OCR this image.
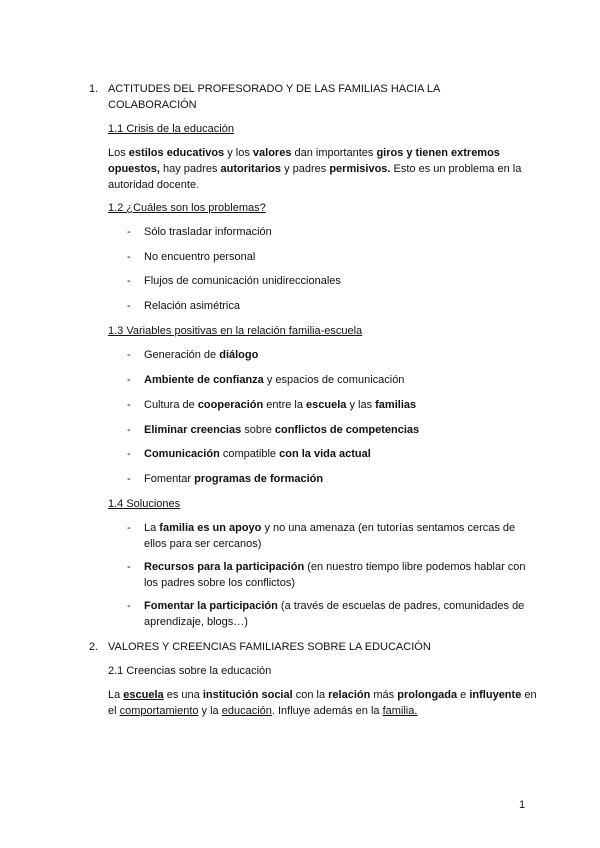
1. ACTITUDES DEL PROFESORADO Y DE LAS FAMILIAS HACIA LA COLABORACIÓN
1.1 Crisis de la educación
Los estilos educativos y los valores dan importantes giros y tienen extremos opuestos, hay padres autoritarios y padres permisivos. Esto es un problema en la autoridad docente.
1.2 ¿Cuáles son los problemas?
- Sólo trasladar información
- No encuentro personal
- Flujos de comunicación unidireccionales
- Relación asimétrica
1.3 Variables positivas en la relación familia-escuela
- Generación de diálogo
- Ambiente de confianza y espacios de comunicación
- Cultura de cooperación entre la escuela y las familias
- Eliminar creencias sobre conflictos de competencias
- Comunicación compatible con la vida actual
- Fomentar programas de formación
1.4 Soluciones
- La familia es un apoyo y no una amenaza (en tutorías sentamos cercas de ellos para ser cercanos)
- Recursos para la participación (en nuestro tiempo libre podemos hablar con los padres sobre los conflictos)
- Fomentar la participación (a través de escuelas de padres, comunidades de aprendizaje, blogs…)
2. VALORES Y CREENCIAS FAMILIARES SOBRE LA EDUCACIÓN
2.1 Creencias sobre la educación
La escuela es una institución social con la relación más prolongada e influyente en el comportamiento y la educación. Influye además en la familia.
1
